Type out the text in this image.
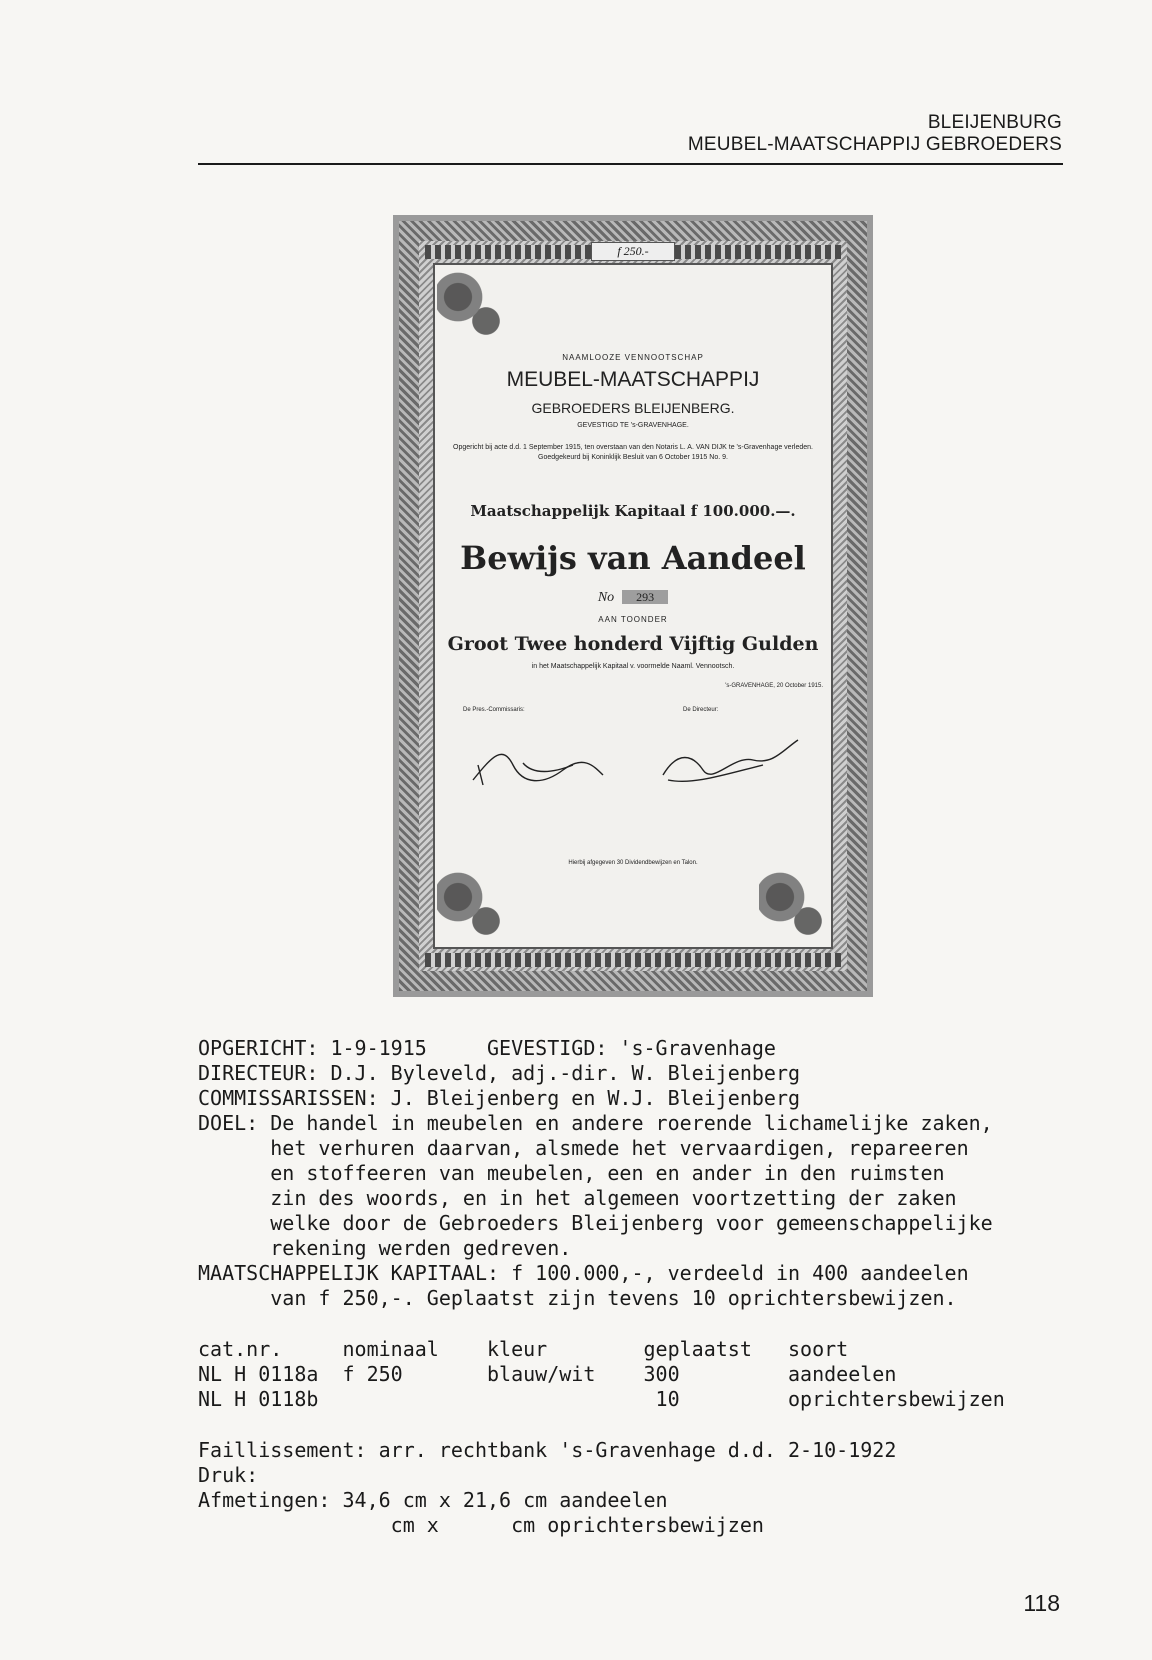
BLEIJENBURG
MEUBEL-MAATSCHAPPIJ GEBROEDERS
f 250.-
NAAMLOOZE VENNOOTSCHAP
MEUBEL-MAATSCHAPPIJ
GEBROEDERS BLEIJENBERG.
GEVESTIGD TE 's-GRAVENHAGE.
Opgericht bij acte d.d. 1 September 1915, ten overstaan van den Notaris L. A. VAN DIJK te 's-Gravenhage verleden. Goedgekeurd bij Koninklijk Besluit van 6 October 1915 No. 9.
Maatschappelijk Kapitaal f 100.000.—.
Bewijs van Aandeel
No 293
AAN TOONDER
Groot Twee honderd Vijftig Gulden
in het Maatschappelijk Kapitaal v. voormelde Naaml. Vennootsch.
's-GRAVENHAGE, 20 October 1915.
De Pres.-Commissaris:	De Directeur:
Hierbij afgegeven 30 Dividendbewijzen en Talon.
OPGERICHT: 1-9-1915     GEVESTIGD: 's-Gravenhage
DIRECTEUR: D.J. Byleveld, adj.-dir. W. Bleijenberg
COMMISSARISSEN: J. Bleijenberg en W.J. Bleijenberg
DOEL: De handel in meubelen en andere roerende lichamelijke zaken,
het verhuren daarvan, alsmede het vervaardigen, repareeren
en stoffeeren van meubelen, een en ander in den ruimsten
zin des woords, en in het algemeen voortzetting der zaken
welke door de Gebroeders Bleijenberg voor gemeenschappelijke
rekening werden gedreven.
MAATSCHAPPELIJK KAPITAAL: f 100.000,-, verdeeld in 400 aandeelen
van f 250,-. Geplaatst zijn tevens 10 oprichtersbewijzen.
cat.nr.     nominaal    kleur        geplaatst   soort
NL H 0118a  f 250       blauw/wit    300         aandeelen
NL H 0118b                            10         oprichtersbewijzen
Faillissement: arr. rechtbank 's-Gravenhage d.d. 2-10-1922
Druk:
Afmetingen: 34,6 cm x 21,6 cm aandeelen
cm x      cm oprichtersbewijzen
118
